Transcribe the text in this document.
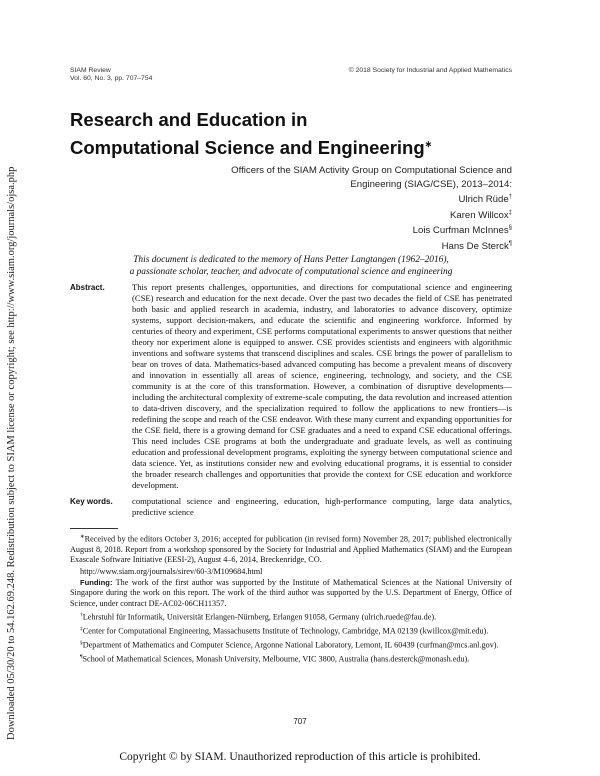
Downloaded 05/30/20 to 54.162.69.248. Redistribution subject to SIAM license or copyright; see http://www.siam.org/journals/ojsa.php
SIAM Review
Vol. 60, No. 3, pp. 707–754
© 2018 Society for Industrial and Applied Mathematics
Research and Education in
Computational Science and Engineering∗
Officers of the SIAM Activity Group on Computational Science and
Engineering (SIAG/CSE), 2013–2014:
Ulrich Rüde†
Karen Willcox‡
Lois Curfman McInnes§
Hans De Sterck¶
This document is dedicated to the memory of Hans Petter Langtangen (1962–2016),
a passionate scholar, teacher, and advocate of computational science and engineering
Abstract.	This report presents challenges, opportunities, and directions for computational science and engineering (CSE) research and education for the next decade. Over the past two decades the field of CSE has penetrated both basic and applied research in academia, industry, and laboratories to advance discovery, optimize systems, support decision-makers, and educate the scientific and engineering workforce. Informed by centuries of theory and experiment, CSE performs computational experiments to answer questions that neither theory nor experiment alone is equipped to answer. CSE provides scientists and engineers with algorithmic inventions and software systems that transcend disciplines and scales. CSE brings the power of parallelism to bear on troves of data. Mathematics-based advanced computing has become a prevalent means of discovery and innovation in essentially all areas of science, engineering, technology, and society, and the CSE community is at the core of this transformation. However, a combination of disruptive developments—including the architectural complexity of extreme-scale computing, the data revolution and increased attention to data-driven discovery, and the specialization required to follow the applications to new frontiers—is redefining the scope and reach of the CSE endeavor. With these many current and expanding opportunities for the CSE field, there is a growing demand for CSE graduates and a need to expand CSE educational offerings. This need includes CSE programs at both the undergraduate and graduate levels, as well as continuing education and professional development programs, exploiting the synergy between computational science and data science. Yet, as institutions consider new and evolving educational programs, it is essential to consider the broader research challenges and opportunities that provide the context for CSE education and workforce development.
Key words.	computational science and engineering, education, high-performance computing, large data analytics, predictive science

∗Received by the editors October 3, 2016; accepted for publication (in revised form) November 28, 2017; published electronically August 8, 2018. Report from a workshop sponsored by the Society for Industrial and Applied Mathematics (SIAM) and the European Exascale Software Initiative (EESI-2), August 4–6, 2014, Breckenridge, CO.

http://www.siam.org/journals/sirev/60-3/M109684.html

Funding: The work of the first author was supported by the Institute of Mathematical Sciences at the National University of Singapore during the work on this report. The work of the third author was supported by the U.S. Department of Energy, Office of Science, under contract DE-AC02-06CH11357.

†Lehrstuhl für Informatik, Universität Erlangen-Nürnberg, Erlangen 91058, Germany (ulrich.ruede@fau.de).

‡Center for Computational Engineering, Massachusetts Institute of Technology, Cambridge, MA 02139 (kwillcox@mit.edu).

§Department of Mathematics and Computer Science, Argonne National Laboratory, Lemont, IL 60439 (curfman@mcs.anl.gov).

¶School of Mathematical Sciences, Monash University, Melbourne, VIC 3800, Australia (hans.desterck@monash.edu).

707
Copyright © by SIAM. Unauthorized reproduction of this article is prohibited.
